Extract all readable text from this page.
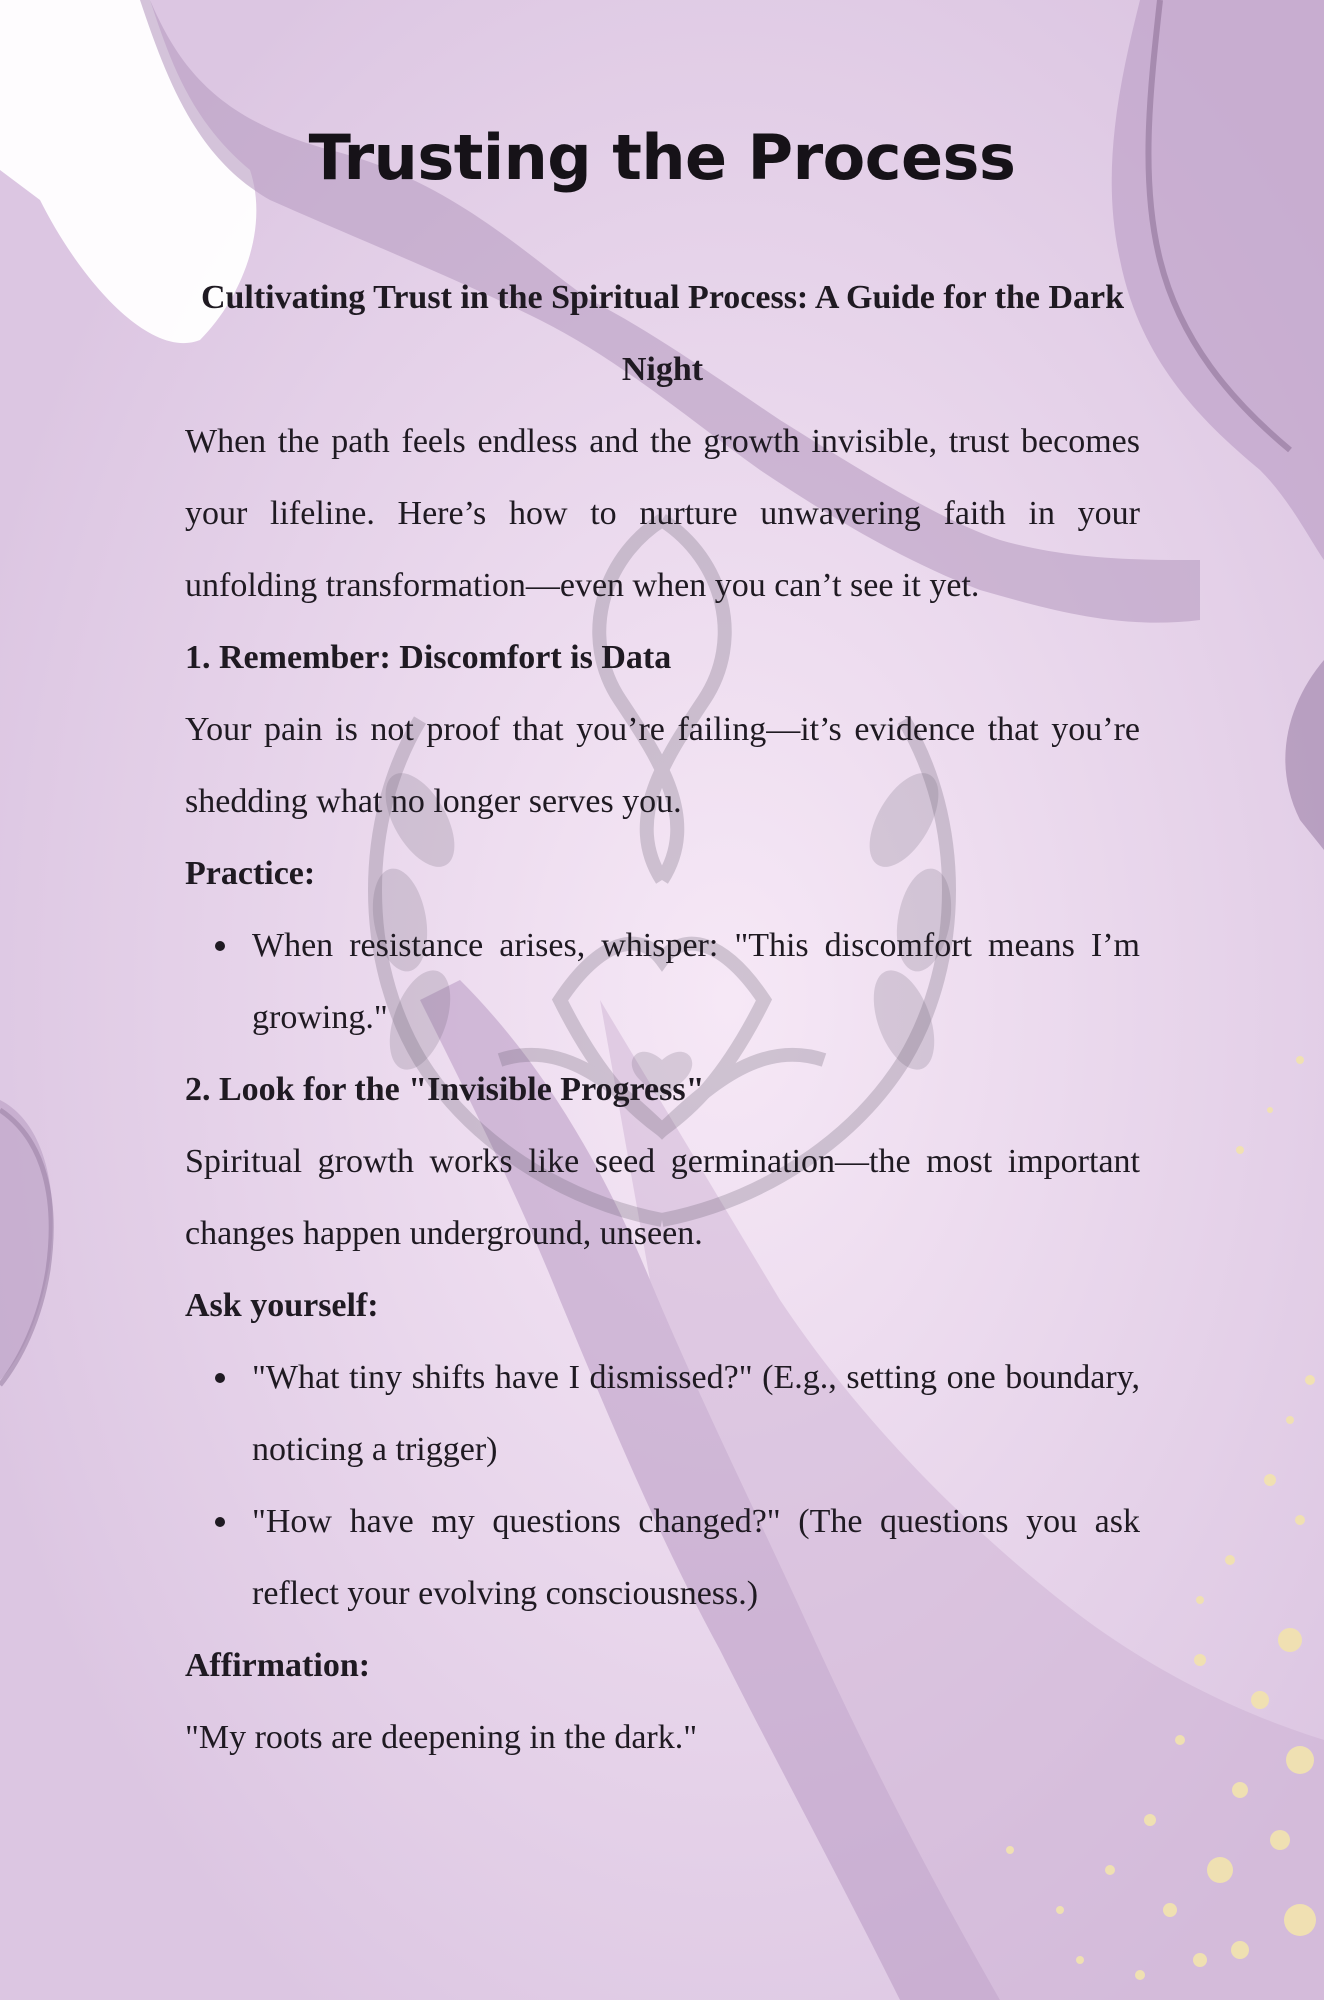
Trusting the Process

Cultivating Trust in the Spiritual Process: A Guide for the Dark Night

When the path feels endless and the growth invisible, trust becomes your lifeline. Here’s how to nurture unwavering faith in your unfolding transformation—even when you can’t see it yet.

1. Remember: Discomfort is Data

Your pain is not proof that you’re failing—it’s evidence that you’re shedding what no longer serves you.

Practice:

When resistance arises, whisper: "This discomfort means I’m growing."

2. Look for the "Invisible Progress"

Spiritual growth works like seed germination—the most important changes happen underground, unseen.

Ask yourself:

"What tiny shifts have I dismissed?" (E.g., setting one boundary, noticing a trigger)
"How have my questions changed?" (The questions you ask reflect your evolving consciousness.)

Affirmation:

"My roots are deepening in the dark."
